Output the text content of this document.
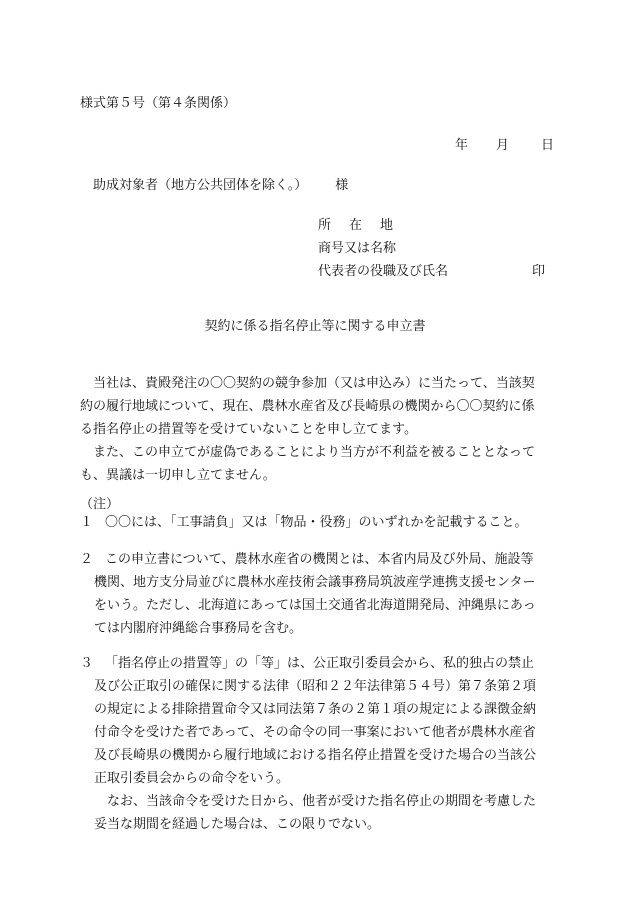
様式第５号（第４条関係）
年 月 日
助成対象者（地方公共団体を除く。） 様
所在地
商号又は名称
代表者の役職及び氏名	印
契約に係る指名停止等に関する申立書
　当社は、貴殿発注の〇〇契約の競争参加（又は申込み）に当たって、当該契
約の履行地域について、現在、農林水産省及び長崎県の機関から〇〇契約に係
る指名停止の措置等を受けていないことを申し立てます。
　また、この申立てが虚偽であることにより当方が不利益を被ることとなって
も、異議は一切申し立てません。
（注）
１ 〇〇には、「工事請負」又は「物品・役務」のいずれかを記載すること。
２ この申立書について、農林水産省の機関とは、本省内局及び外局、施設等
機関、地方支分局並びに農林水産技術会議事務局筑波産学連携支援センター
をいう。ただし、北海道にあっては国土交通省北海道開発局、沖縄県にあっ
ては内閣府沖縄総合事務局を含む。
３ 「指名停止の措置等」の「等」は、公正取引委員会から、私的独占の禁止
及び公正取引の確保に関する法律（昭和２２年法律第５４号）第７条第２項
の規定による排除措置命令又は同法第７条の２第１項の規定による課徴金納
付命令を受けた者であって、その命令の同一事案において他者が農林水産省
及び長崎県の機関から履行地域における指名停止措置を受けた場合の当該公
正取引委員会からの命令をいう。
なお、当該命令を受けた日から、他者が受けた指名停止の期間を考慮した
妥当な期間を経過した場合は、この限りでない。
